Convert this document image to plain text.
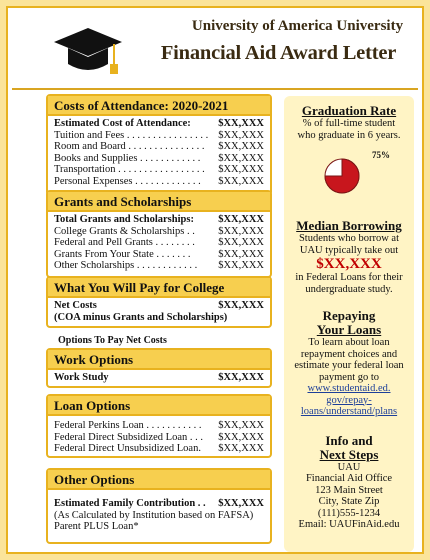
University of America University
Financial Aid Award Letter
Costs of Attendance: 2020-2021
Estimated Cost of Attendance:	$XX,XXX
Tuition and Fees . . . . . . . . . . . . . . . . $XX,XXX
Room and Board . . . . . . . . . . . . . . . $XX,XXX
Books and Supplies . . . . . . . . . . . . $XX,XXX
Transportation . . . . . . . . . . . . . . . . . $XX,XXX
Personal Expenses . . . . . . . . . . . . . $XX,XXX
Grants and Scholarships
Total Grants and Scholarships: $XX,XXX
College Grants & Scholarships . . $XX,XXX
Federal and Pell Grants . . . . . . . . $XX,XXX
Grants From Your State . . . . . . .	$XX,XXX
Other Scholarships . . . . . . . . . . . . $XX,XXX
What You Will Pay for College
Net Costs	$XX,XXX
(COA minus Grants and Scholarships)
Options To Pay Net Costs
Work Options
Work Study	$XX,XXX
Loan Options
Federal Perkins Loan . . . . . . . . . . . $XX,XXX
Federal Direct Subsidized Loan . . . $XX,XXX
Federal Direct Unsubsidized Loan. $XX,XXX
Other Options
Estimated Family Contribution . . $XX,XXX
(As Calculated by Institution based on FAFSA)
Parent PLUS Loan*
Graduation Rate

% of full-time student

who graduate in 6 years.

75%
Median Borrowing

Students who borrow at

UAU typically take out

$XX,XXX

in Federal Loans for their

undergraduate study.

Repaying
Your Loans

To learn about loan

repayment choices and

estimate your federal loan

payment go to

www.studentaid.ed.

gov/repay-

loans/understand/plans

Info and
Next Steps

UAU

Financial Aid Office

123 Main Street

City, State Zip

(111)555-1234

Email: UAUFinAid.edu
